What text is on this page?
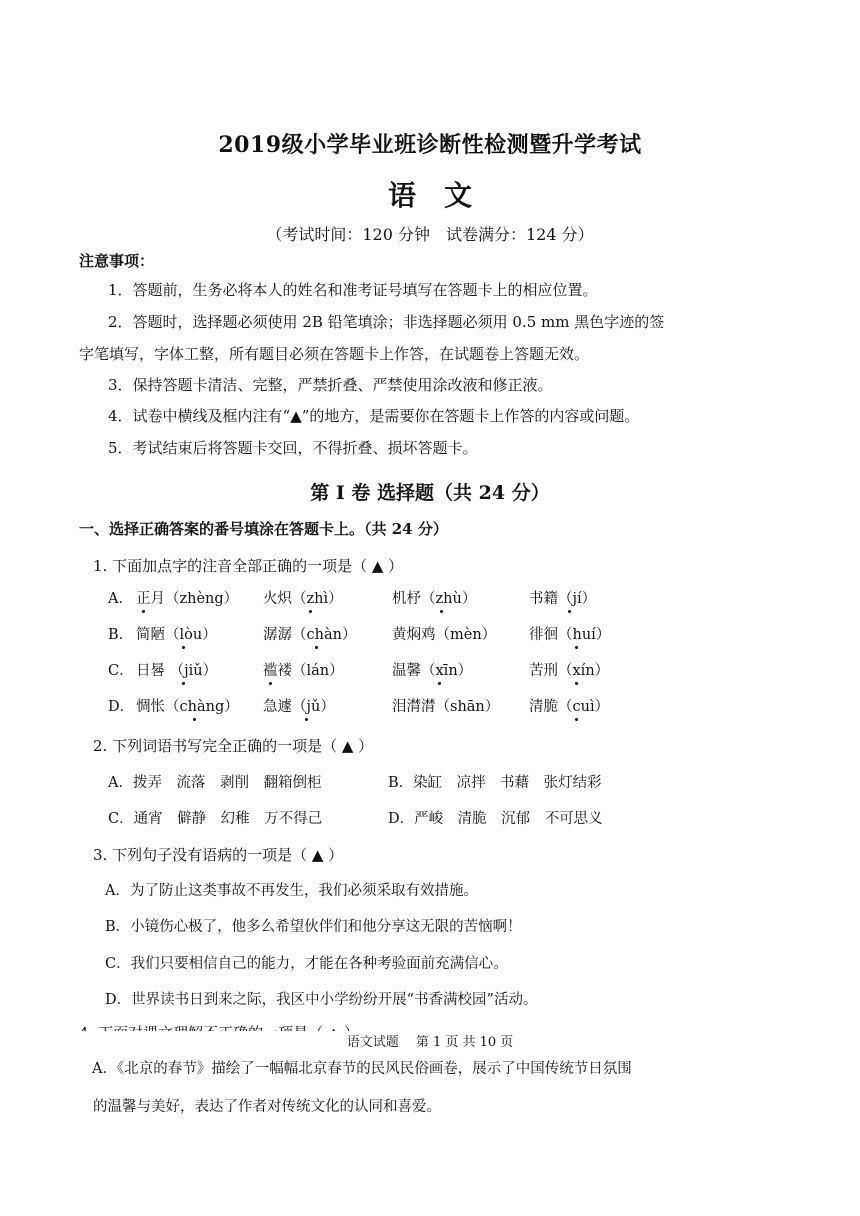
2019级小学毕业班诊断性检测暨升学考试
语文
（考试时间：120 分钟　试卷满分：124 分）
注意事项：
1．答题前，生务必将本人的姓名和准考证号填写在答题卡上的相应位置。
2．答题时，选择题必须使用 2B 铅笔填涂；非选择题必须用 0.5 mm 黑色字迹的签
字笔填写，字体工整，所有题目必须在答题卡上作答，在试题卷上答题无效。
3．保持答题卡清洁、完整，严禁折叠、严禁使用涂改液和修正液。
4．试卷中横线及框内注有“▲”的地方，是需要你在答题卡上作答的内容或问题。
5．考试结束后将答题卡交回，不得折叠、损坏答题卡。
第 I 卷 选择题（共 24 分）
一、选择正确答案的番号填涂在答题卡上。（共 24 分）
1. 下面加点字的注音全部正确的一项是（ ▲ ）
A． 正月（zhèng） 火炽（zhì）	机杼（zhù）	书籍（jí）
B． 简陋（lòu）	潺潺（chàn） 黄焖鸡（mèn） 徘徊（huí）
C． 日晷 （jiǔ）	褴褛（lán）	温馨（xīn）	苦刑（xín）
D． 惆怅（chàng） 急遽（jǔ）	泪潸潸（shān） 清脆（cuì）
2. 下列词语书写完全正确的一项是（ ▲ ）
A．拨弄　流落　剥削　翻箱倒柜	B．染缸　凉拌　书藉　张灯结彩
C．通宵　僻静　幻稚　万不得己	D．严峻　清脆　沉郁　不可思义
3. 下列句子没有语病的一项是（ ▲ ）
A．为了防止这类事故不再发生，我们必须采取有效措施。
B．小镜伤心极了，他多么希望伙伴们和他分享这无限的苦恼啊！
C．我们只要相信自己的能力，才能在各种考验面前充满信心。
D．世界读书日到来之际，我区中小学纷纷开展“书香满校园”活动。
语文试题　 第 1 页 共 10 页
A．《北京的春节》描绘了一幅幅北京春节的民风民俗画卷，展示了中国传统节日氛围
的温馨与美好，表达了作者对传统文化的认同和喜爱。
